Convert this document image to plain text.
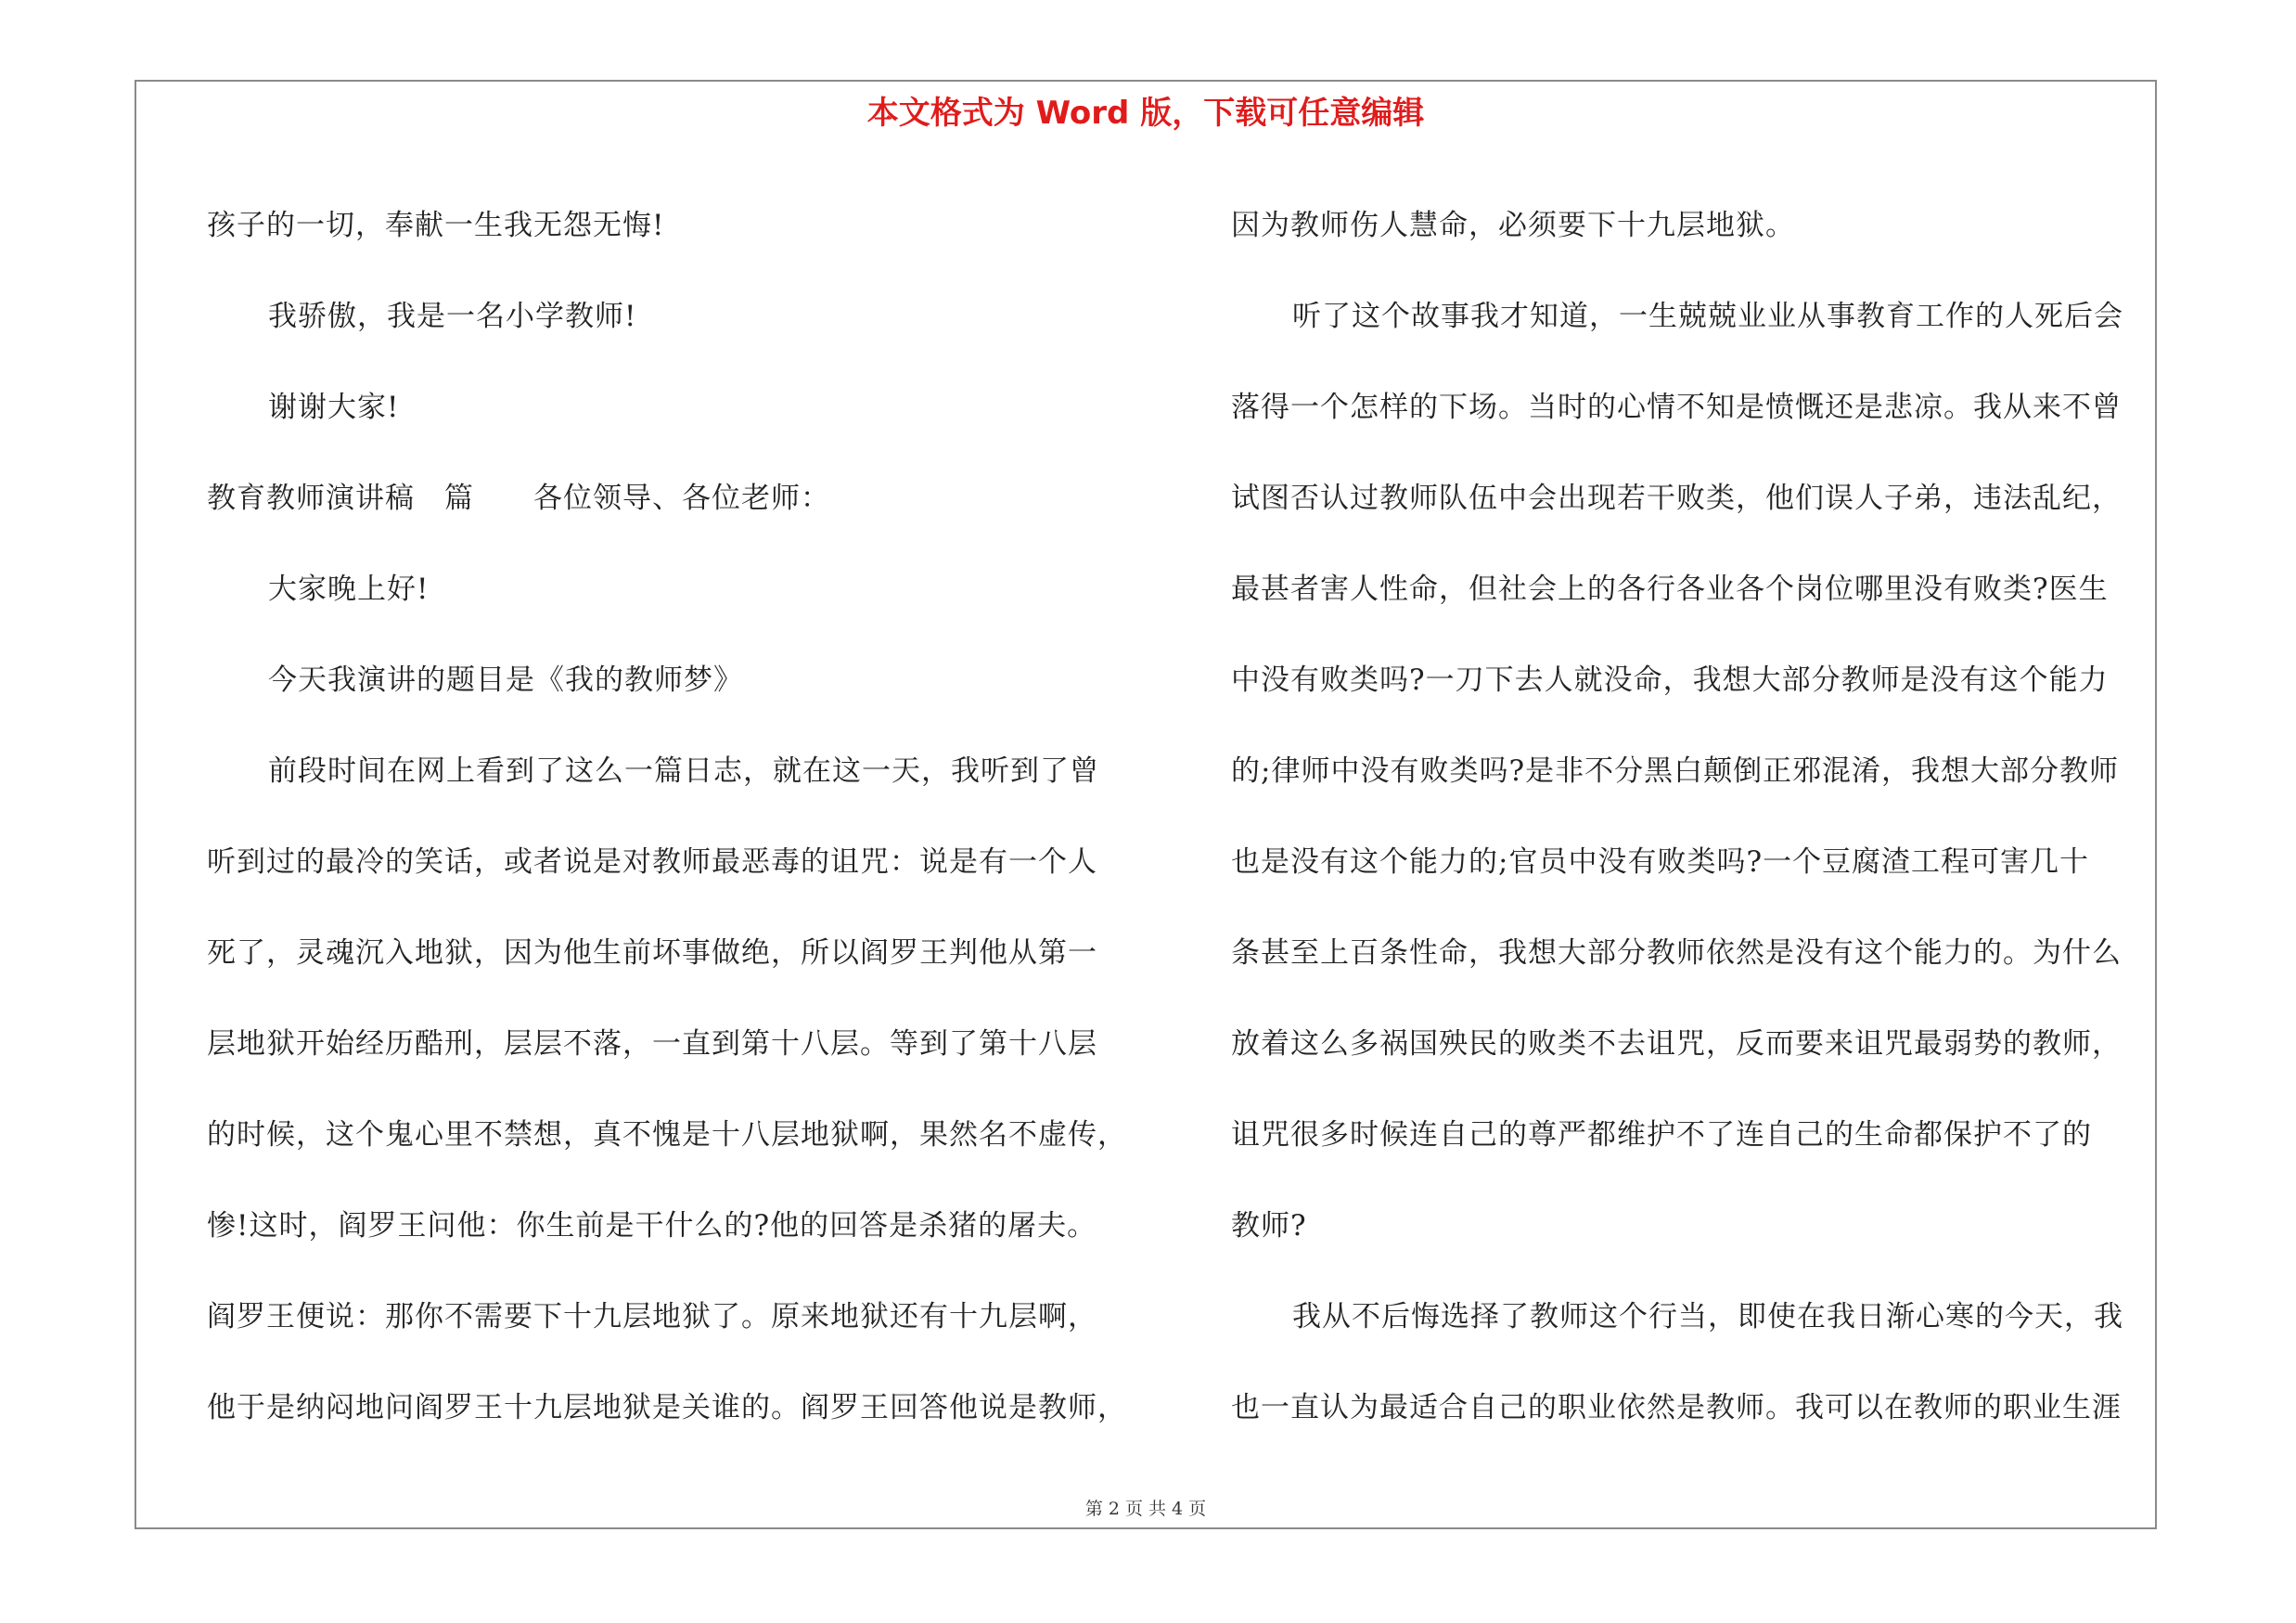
本文格式为 Word 版，下载可任意编辑
孩子的一切，奉献一生我无怨无悔!
我骄傲，我是一名小学教师!
谢谢大家!
教育教师演讲稿　篇　　各位领导、各位老师：
大家晚上好!
今天我演讲的题目是《我的教师梦》
前段时间在网上看到了这么一篇日志，就在这一天，我听到了曾
听到过的最冷的笑话，或者说是对教师最恶毒的诅咒：说是有一个人
死了，灵魂沉入地狱，因为他生前坏事做绝，所以阎罗王判他从第一
层地狱开始经历酷刑，层层不落，一直到第十八层。等到了第十八层
的时候，这个鬼心里不禁想，真不愧是十八层地狱啊，果然名不虚传，
惨!这时，阎罗王问他：你生前是干什么的?他的回答是杀猪的屠夫。
阎罗王便说：那你不需要下十九层地狱了。原来地狱还有十九层啊，
他于是纳闷地问阎罗王十九层地狱是关谁的。阎罗王回答他说是教师，
因为教师伤人慧命，必须要下十九层地狱。
听了这个故事我才知道，一生兢兢业业从事教育工作的人死后会
落得一个怎样的下场。当时的心情不知是愤慨还是悲凉。我从来不曾
试图否认过教师队伍中会出现若干败类，他们误人子弟，违法乱纪，
最甚者害人性命，但社会上的各行各业各个岗位哪里没有败类?医生
中没有败类吗?一刀下去人就没命，我想大部分教师是没有这个能力
的;律师中没有败类吗?是非不分黑白颠倒正邪混淆，我想大部分教师
也是没有这个能力的;官员中没有败类吗?一个豆腐渣工程可害几十
条甚至上百条性命，我想大部分教师依然是没有这个能力的。为什么
放着这么多祸国殃民的败类不去诅咒，反而要来诅咒最弱势的教师，
诅咒很多时候连自己的尊严都维护不了连自己的生命都保护不了的
教师?
我从不后悔选择了教师这个行当，即使在我日渐心寒的今天，我
也一直认为最适合自己的职业依然是教师。我可以在教师的职业生涯
第 2 页 共 4 页
